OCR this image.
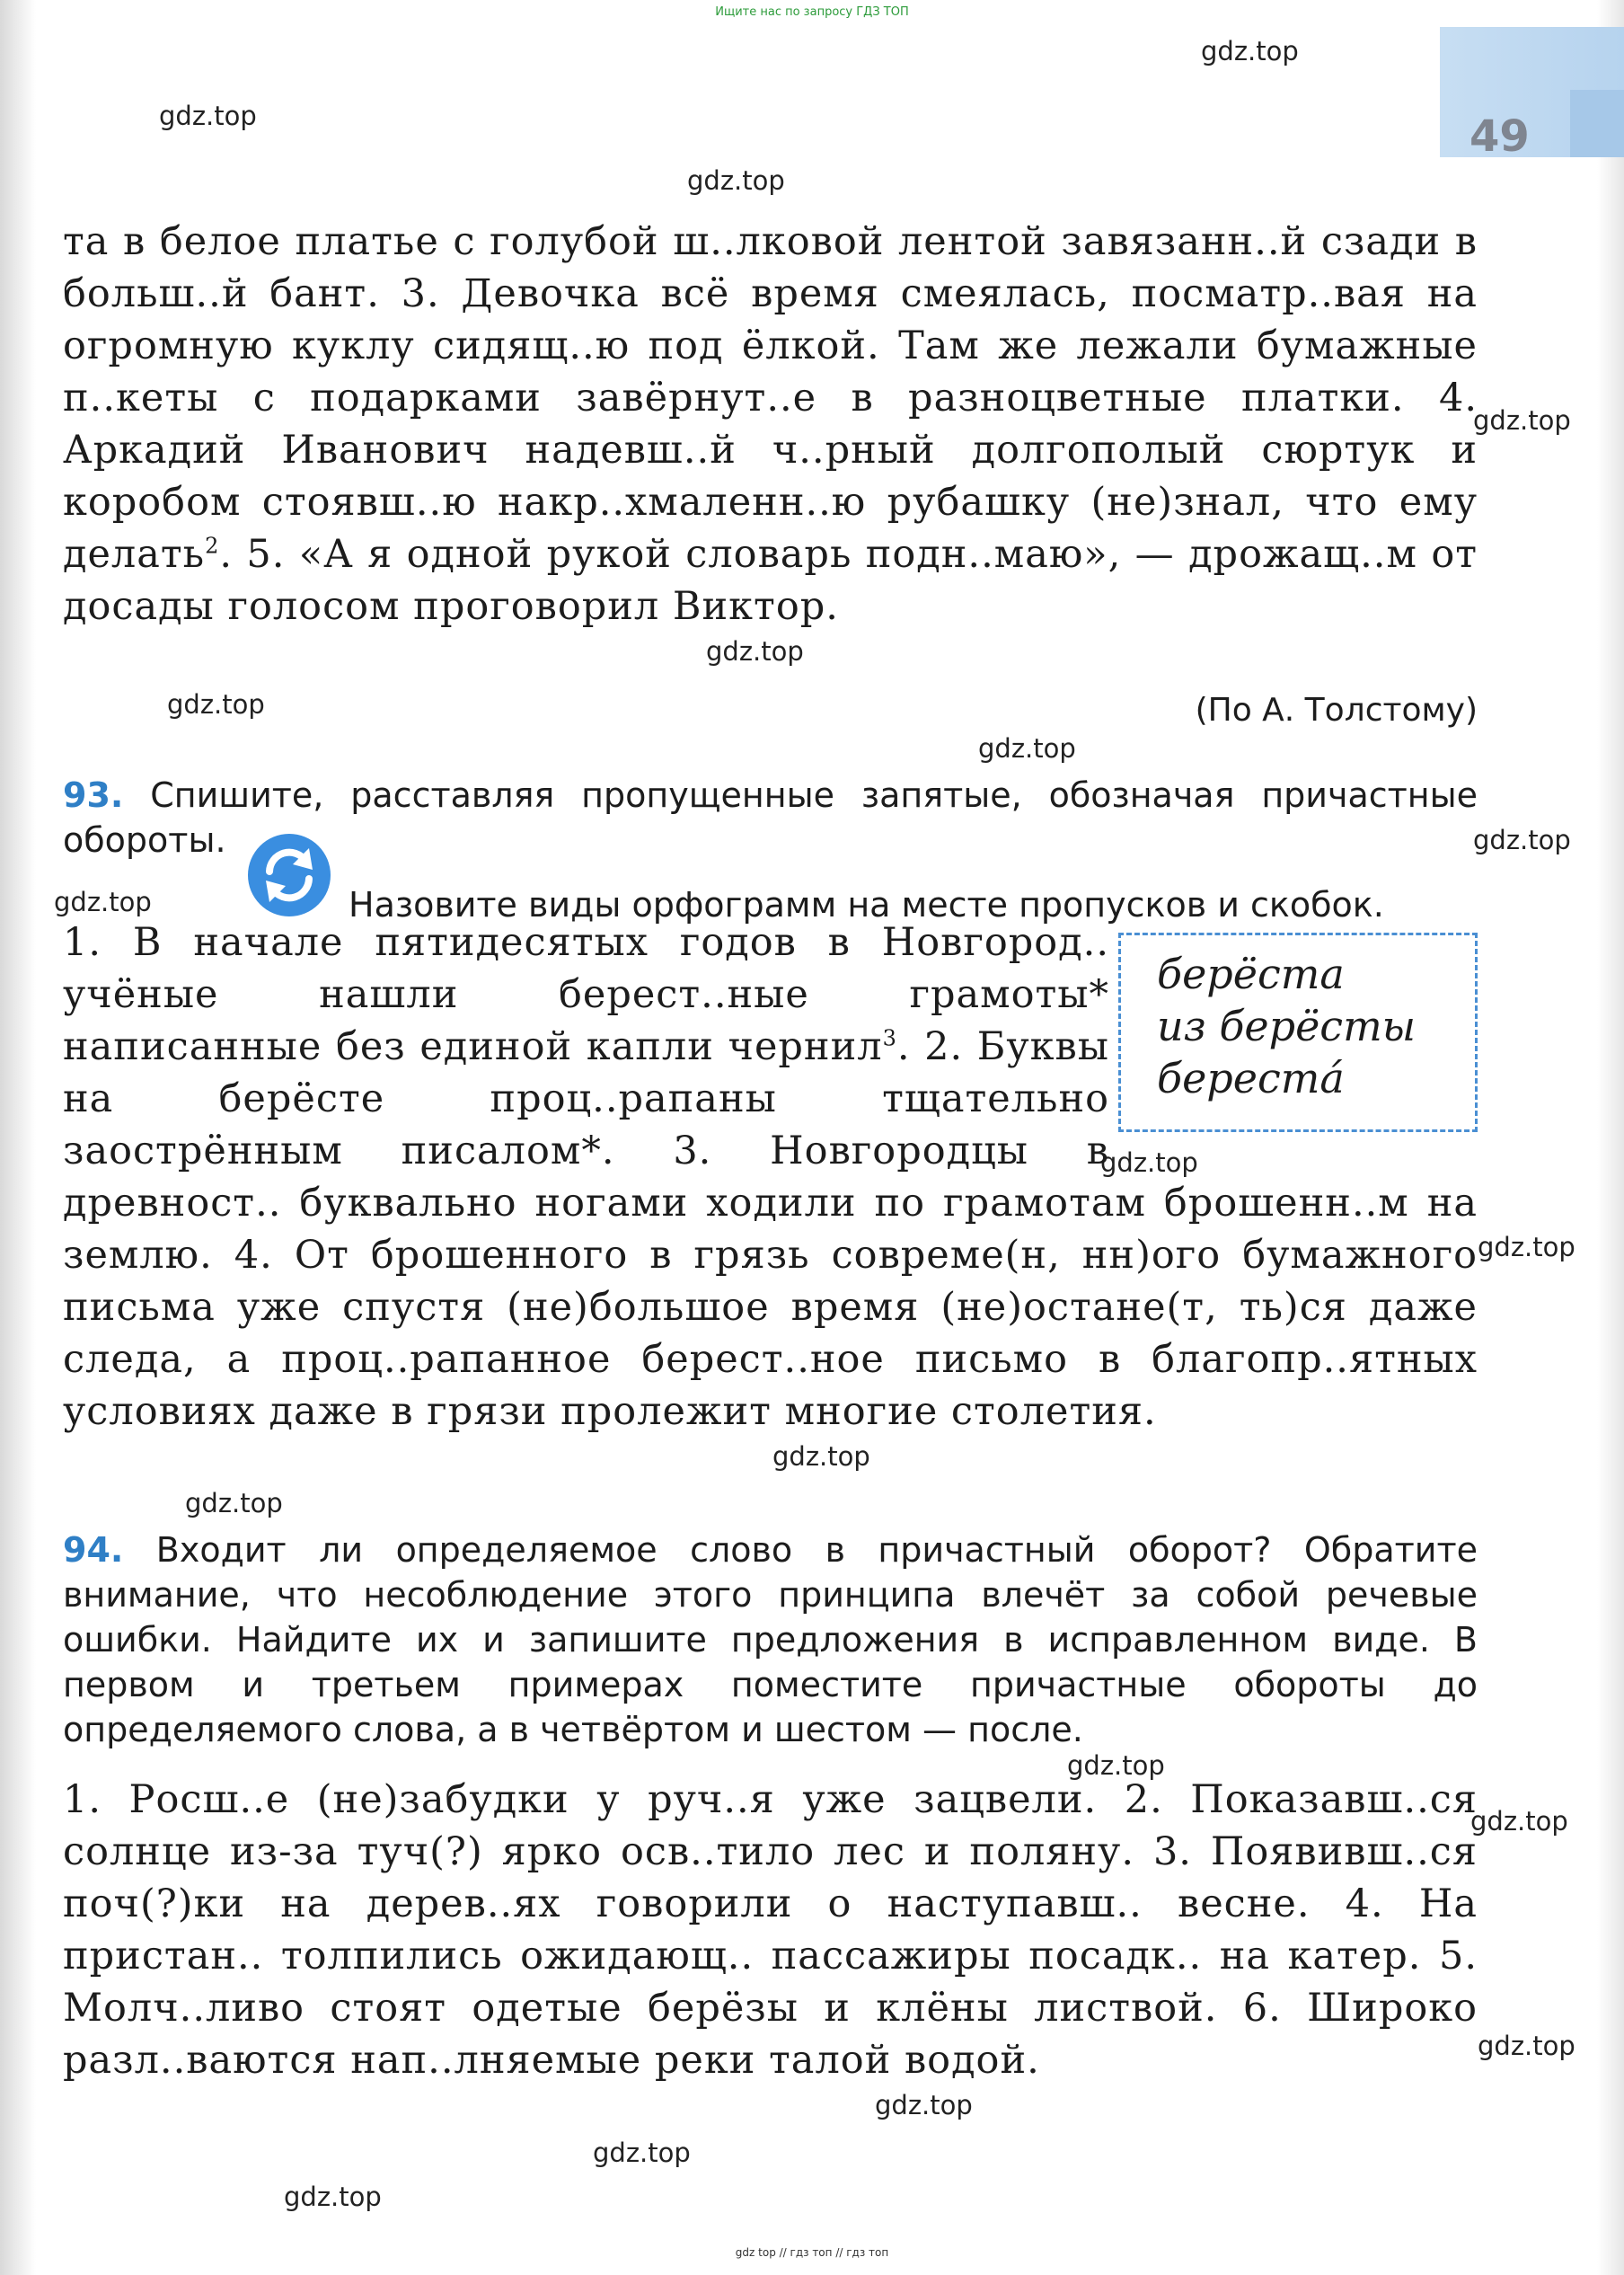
Ищите нас по запросу ГДЗ ТОП
49
gdz.top
gdz.top
gdz.top
gdz.top
gdz.top
gdz.top
gdz.top
gdz.top
gdz.top
gdz.top
gdz.top
gdz.top
gdz.top
gdz.top
gdz.top
gdz.top
gdz.top
gdz.top
gdz.top
та в белое платье с голубой ш..лковой лентой завязанн..й сзади в больш..й бант. 3. Девочка всё время смеялась, посматр..вая на огромную куклу сидящ..ю под ёлкой. Там же лежали бумажные п..кеты с подарками завёрнут..е в разноцветные платки. 4. Аркадий Иванович надевш..й ч..рный долгополый сюртук и коробом стоявш..ю накр..хмаленн..ю рубашку (не)знал, что ему делать$^2$. 5. «А я одной рукой словарь подн..маю», — дрожащ..м от досады голосом проговорил Виктор.
(По А. Толстому)
93. Спишите, расставляя пропущенные запятые, обозначая причастные обороты.
Назовите виды орфограмм на месте пропусков и скобок.
1. В начале пятидесятых годов в Новгород.. учёные нашли берест..ные грамоты* написанные без единой капли чернил$^3$. 2. Буквы на берёсте проц..рапаны тщательно заострённым писалом*. 3. Новгородцы в древност.. буквально ногами ходили по грамотам брошенн..м на землю. 4. От брошенного в грязь совреме(н, нн)ого бумажного письма уже спустя (не)большое время (не)остане(т, ть)ся даже следа, а проц..рапанное берест..ное письмо в благопр..ятных условиях даже в грязи пролежит многие столетия.
берёста
из берёсты
берестá
94. Входит ли определяемое слово в причастный оборот? Обратите внимание, что несоблюдение этого принципа влечёт за собой речевые ошибки. Найдите их и запишите предложения в исправленном виде. В первом и третьем примерах поместите причастные обороты до определяемого слова, а в четвёртом и шестом — после.
1. Росш..е (не)забудки у руч..я уже зацвели. 2. Показавш..ся солнце из-за туч(?) ярко осв..тило лес и поляну. 3. Появивш..ся поч(?)ки на дерев..ях говорили о наступавш.. весне. 4. На пристан.. толпились ожидающ.. пассажиры посадк.. на катер. 5. Молч..ливо стоят одетые берёзы и клёны листвой. 6. Широко разл..ваются нап..лняемые реки талой водой.
gdz top // гдз топ // гдз топ
